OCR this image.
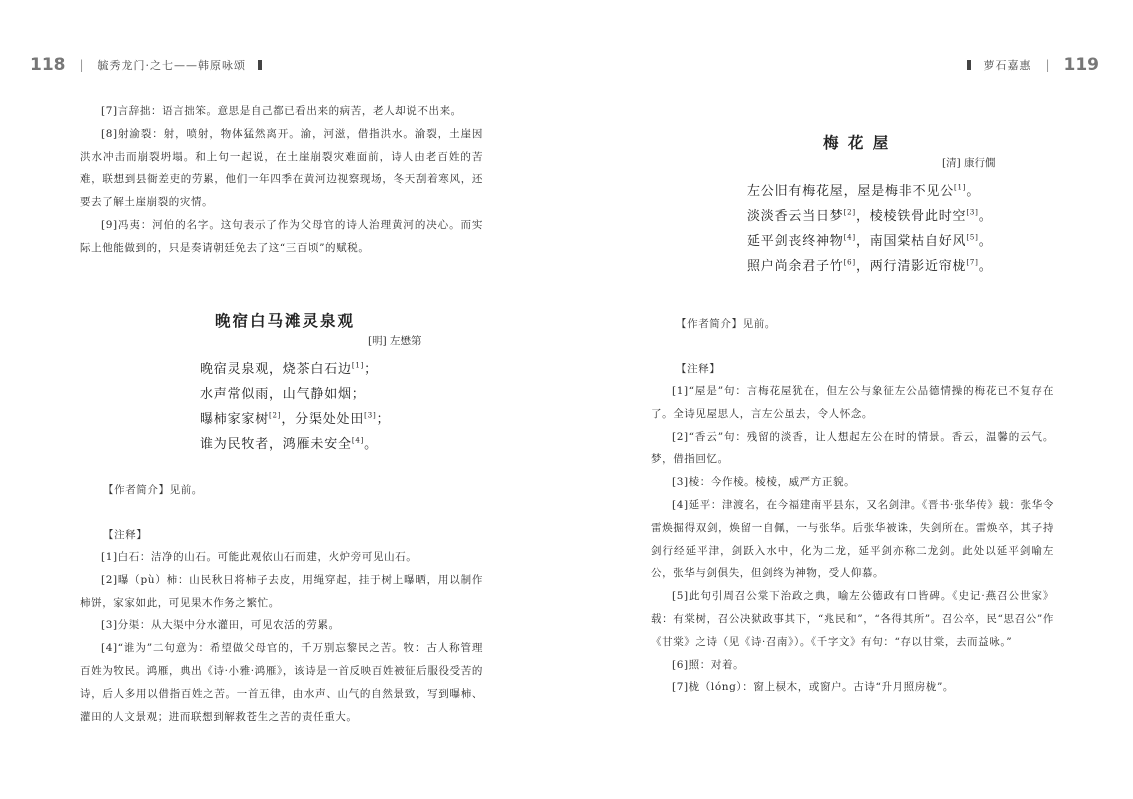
118 | 毓秀龙门·之七——韩原咏颂	萝石嘉惠 | 119

[7]言辞拙：语言拙笨。意思是自己都已看出来的病苦，老人却说不出来。

[8]射渝裂：射，喷射，物体猛然离开。渝，河滋，借指洪水。渝裂，土崖因洪水冲击而崩裂坍塌。和上句一起说，在土崖崩裂灾难面前，诗人由老百姓的苦难，联想到县衙差吏的劳累，他们一年四季在黄河边视察现场，冬天刮着寒风，还要去了解土崖崩裂的灾情。

[9]冯夷：河伯的名字。这句表示了作为父母官的诗人治理黄河的决心。而实际上他能做到的，只是奏请朝廷免去了这“三百顷”的赋税。

晚宿白马滩灵泉观
[明] 左懋第
晚宿灵泉观，烧茶白石边[1]；
水声常似雨，山气静如烟；
曝柿家家树[2]，分渠处处田[3]；
谁为民牧者，鸿雁未安全[4]。
【作者简介】见前。
【注释】

[1]白石：洁净的山石。可能此观依山石而建，火炉旁可见山石。

[2]曝（pù）柿：山民秋日将柿子去皮，用绳穿起，挂于树上曝晒，用以制作柿饼，家家如此，可见果木作务之繁忙。

[3]分渠：从大渠中分水灌田，可见农活的劳累。

[4]“谁为”二句意为：希望做父母官的，千万别忘黎民之苦。牧：古人称管理百姓为牧民。鸿雁，典出《诗·小雅·鸿雁》，该诗是一首反映百姓被征后服役受苦的诗，后人多用以借指百姓之苦。一首五律，由水声、山气的自然景致，写到曝柿、灌田的人文景观；进而联想到解救苍生之苦的责任重大。

梅 花 屋
[清] 康行僩
左公旧有梅花屋，屋是梅非不见公[1]。
淡淡香云当日梦[2]，棱棱铁骨此时空[3]。
延平剑丧终神物[4]，南国棠枯自好风[5]。
照户尚余君子竹[6]，两行清影近帘栊[7]。
【作者简介】见前。
【注释】

[1]“屋是”句：言梅花屋犹在，但左公与象征左公品德情操的梅花已不复存在了。全诗见屋思人，言左公虽去，令人怀念。

[2]“香云”句：残留的淡香，让人想起左公在时的情景。香云，温馨的云气。梦，借指回忆。

[3]棱：今作棱。棱棱，威严方正貌。

[4]延平：津渡名，在今福建南平县东，又名剑津。《晋书·张华传》载：张华令雷焕掘得双剑，焕留一自佩，一与张华。后张华被诛，失剑所在。雷焕卒，其子持剑行经延平津，剑跃入水中，化为二龙，延平剑亦称二龙剑。此处以延平剑喻左公，张华与剑俱失，但剑终为神物，受人仰慕。

[5]此句引周召公棠下治政之典，喻左公德政有口皆碑。《史记·燕召公世家》载：有棠树，召公决狱政事其下，“兆民和”，“各得其所”。召公卒，民“思召公”作《甘棠》之诗（见《诗·召南》）。《千字文》有句：“存以甘棠，去而益咏。”

[6]照：对着。

[7]栊（lóng）：窗上棂木，或窗户。古诗“升月照房栊”。
